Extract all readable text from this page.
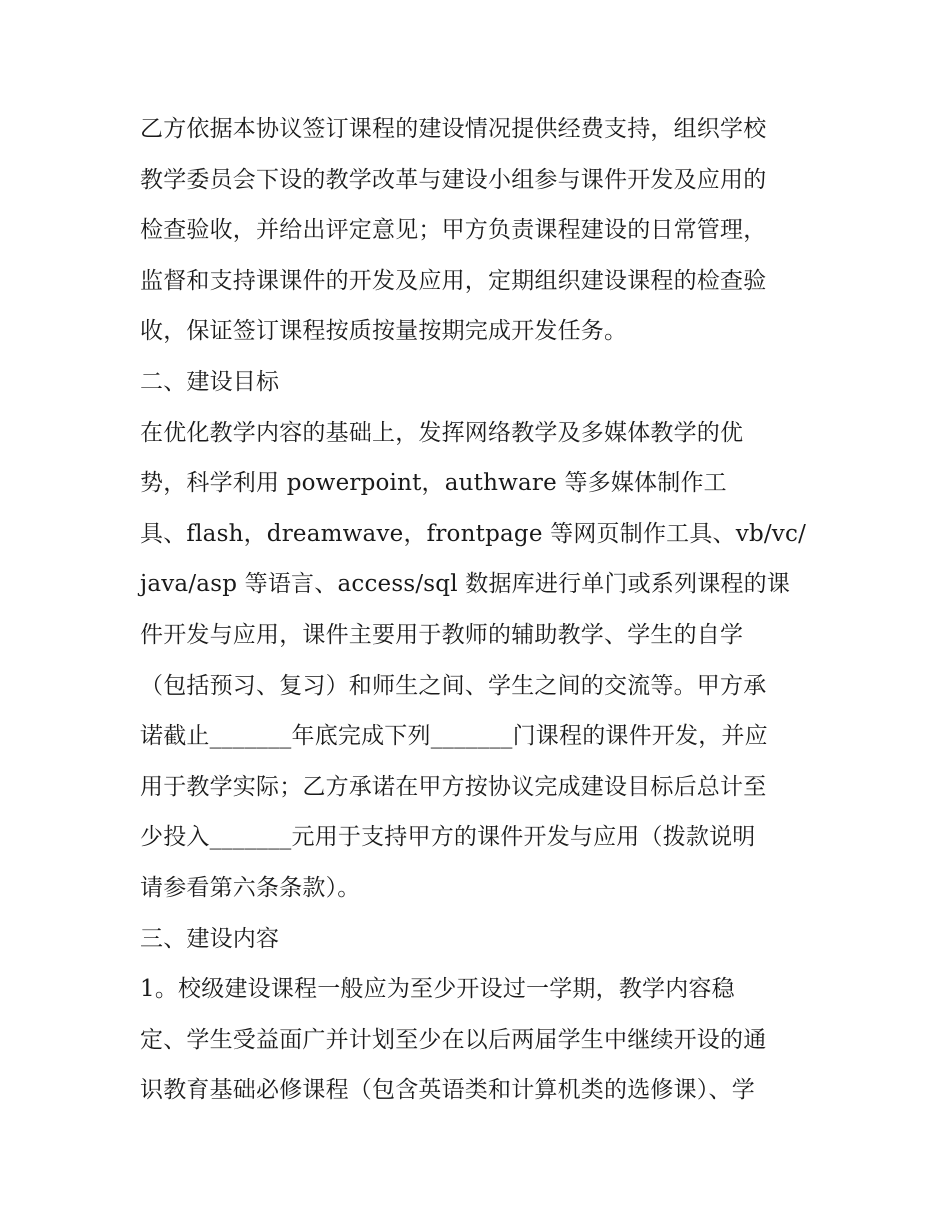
乙方依据本协议签订课程的建设情况提供经费支持，组织学校
教学委员会下设的教学改革与建设小组参与课件开发及应用的
检查验收，并给出评定意见；甲方负责课程建设的日常管理，
监督和支持课课件的开发及应用，定期组织建设课程的检查验
收，保证签订课程按质按量按期完成开发任务。
二、建设目标
在优化教学内容的基础上，发挥网络教学及多媒体教学的优
势，科学利用 powerpoint，authware 等多媒体制作工
具、flash，dreamwave，frontpage 等网页制作工具、vb/vc/
java/asp 等语言、access/sql 数据库进行单门或系列课程的课
件开发与应用，课件主要用于教师的辅助教学、学生的自学
（包括预习、复习）和师生之间、学生之间的交流等。甲方承
诺截止_______年底完成下列_______门课程的课件开发，并应
用于教学实际；乙方承诺在甲方按协议完成建设目标后总计至
少投入_______元用于支持甲方的课件开发与应用（拨款说明
请参看第六条条款）。
三、建设内容
1。校级建设课程一般应为至少开设过一学期，教学内容稳
定、学生受益面广并计划至少在以后两届学生中继续开设的通
识教育基础必修课程（包含英语类和计算机类的选修课）、学
